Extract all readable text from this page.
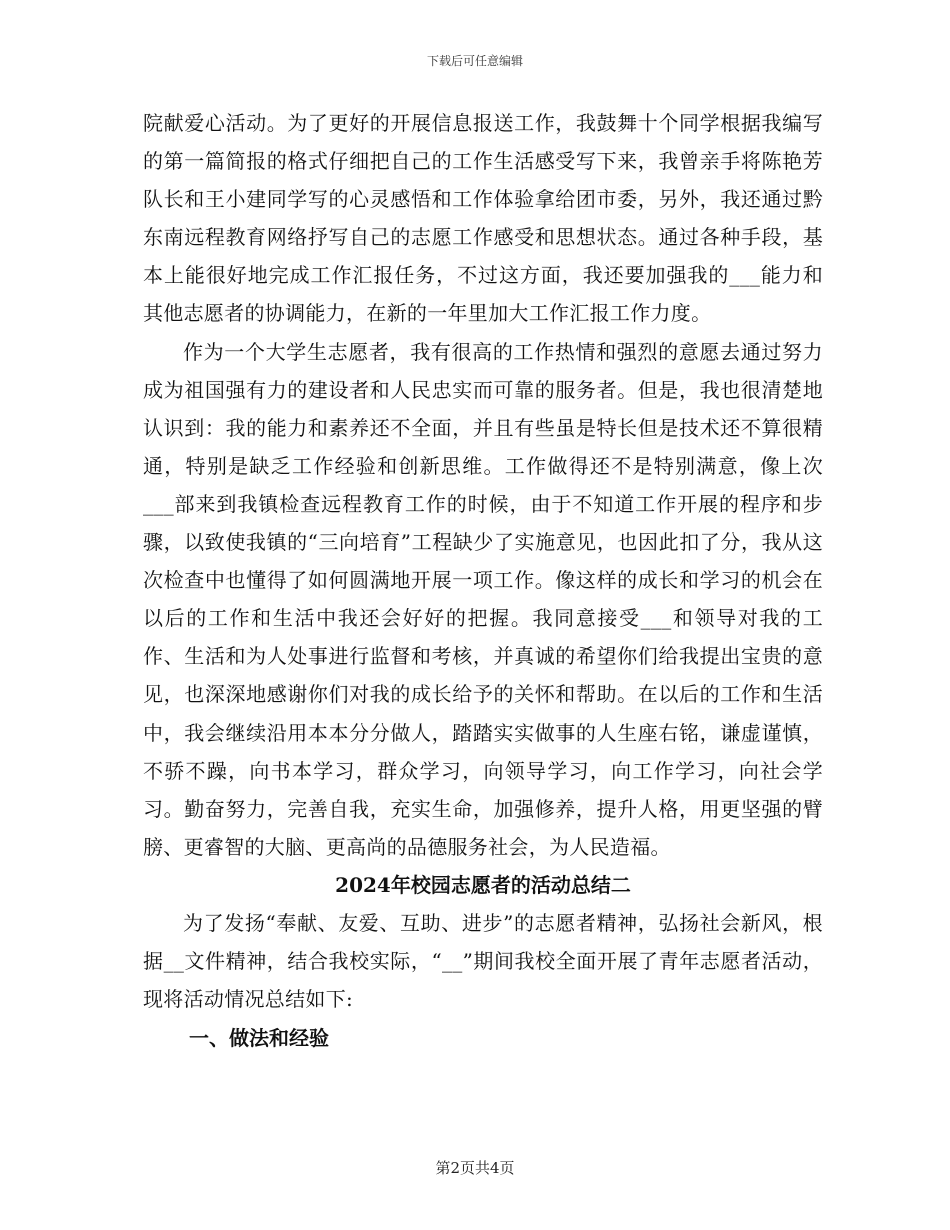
下载后可任意编辑

院献爱心活动。为了更好的开展信息报送工作，我鼓舞十个同学根据我编写的第一篇简报的格式仔细把自己的工作生活感受写下来，我曾亲手将陈艳芳队长和王小建同学写的心灵感悟和工作体验拿给团市委，另外，我还通过黔东南远程教育网络抒写自己的志愿工作感受和思想状态。通过各种手段，基本上能很好地完成工作汇报任务，不过这方面，我还要加强我的___能力和其他志愿者的协调能力，在新的一年里加大工作汇报工作力度。

作为一个大学生志愿者，我有很高的工作热情和强烈的意愿去通过努力成为祖国强有力的建设者和人民忠实而可靠的服务者。但是，我也很清楚地认识到：我的能力和素养还不全面，并且有些虽是特长但是技术还不算很精通，特别是缺乏工作经验和创新思维。工作做得还不是特别满意，像上次___部来到我镇检查远程教育工作的时候，由于不知道工作开展的程序和步骤，以致使我镇的“三向培育”工程缺少了实施意见，也因此扣了分，我从这次检查中也懂得了如何圆满地开展一项工作。像这样的成长和学习的机会在以后的工作和生活中我还会好好的把握。我同意接受___和领导对我的工作、生活和为人处事进行监督和考核，并真诚的希望你们给我提出宝贵的意见，也深深地感谢你们对我的成长给予的关怀和帮助。在以后的工作和生活中，我会继续沿用本本分分做人，踏踏实实做事的人生座右铭，谦虚谨慎，不骄不躁，向书本学习，群众学习，向领导学习，向工作学习，向社会学习。勤奋努力，完善自我，充实生命，加强修养，提升人格，用更坚强的臂膀、更睿智的大脑、更高尚的品德服务社会，为人民造福。

2024年校园志愿者的活动总结二

为了发扬“奉献、友爱、互助、进步”的志愿者精神，弘扬社会新风，根据__文件精神，结合我校实际，“__”期间我校全面开展了青年志愿者活动，现将活动情况总结如下:

一、做法和经验

第2页共4页
